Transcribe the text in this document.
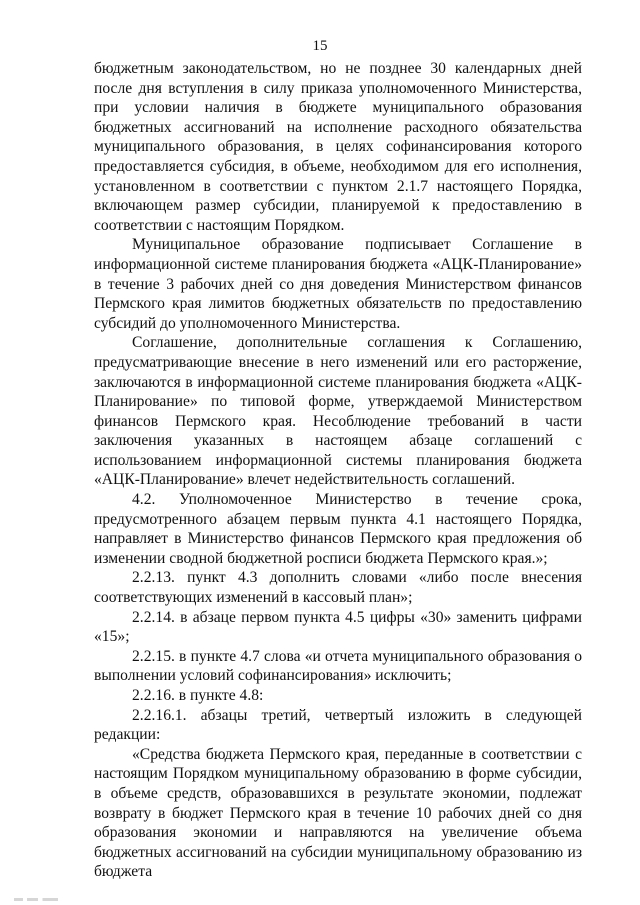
15

бюджетным законодательством, но не позднее 30 календарных дней после дня вступления в силу приказа уполномоченного Министерства, при условии наличия в бюджете муниципального образования бюджетных ассигнований на исполнение расходного обязательства муниципального образования, в целях софинансирования которого предоставляется субсидия, в объеме, необходимом для его исполнения, установленном в соответствии с пунктом 2.1.7 настоящего Порядка, включающем размер субсидии, планируемой к предоставлению в соответствии с настоящим Порядком.

Муниципальное образование подписывает Соглашение в информационной системе планирования бюджета «АЦК-Планирование» в течение 3 рабочих дней со дня доведения Министерством финансов Пермского края лимитов бюджетных обязательств по предоставлению субсидий до уполномоченного Министерства.

Соглашение, дополнительные соглашения к Соглашению, предусматривающие внесение в него изменений или его расторжение, заключаются в информационной системе планирования бюджета «АЦК-Планирование» по типовой форме, утверждаемой Министерством финансов Пермского края. Несоблюдение требований в части заключения указанных в настоящем абзаце соглашений с использованием информационной системы планирования бюджета «АЦК-Планирование» влечет недействительность соглашений.

4.2. Уполномоченное Министерство в течение срока, предусмотренного абзацем первым пункта 4.1 настоящего Порядка, направляет в Министерство финансов Пермского края предложения об изменении сводной бюджетной росписи бюджета Пермского края.»;

2.2.13. пункт 4.3 дополнить словами «либо после внесения соответствующих изменений в кассовый план»;

2.2.14. в абзаце первом пункта 4.5 цифры «30» заменить цифрами «15»;

2.2.15. в пункте 4.7 слова «и отчета муниципального образования о выполнении условий софинансирования» исключить;

2.2.16. в пункте 4.8:

2.2.16.1. абзацы третий, четвертый изложить в следующей редакции:

«Средства бюджета Пермского края, переданные в соответствии с настоящим Порядком муниципальному образованию в форме субсидии, в объеме средств, образовавшихся в результате экономии, подлежат возврату в бюджет Пермского края в течение 10 рабочих дней со дня образования экономии и направляются на увеличение объема бюджетных ассигнований на субсидии муниципальному образованию из бюджета
